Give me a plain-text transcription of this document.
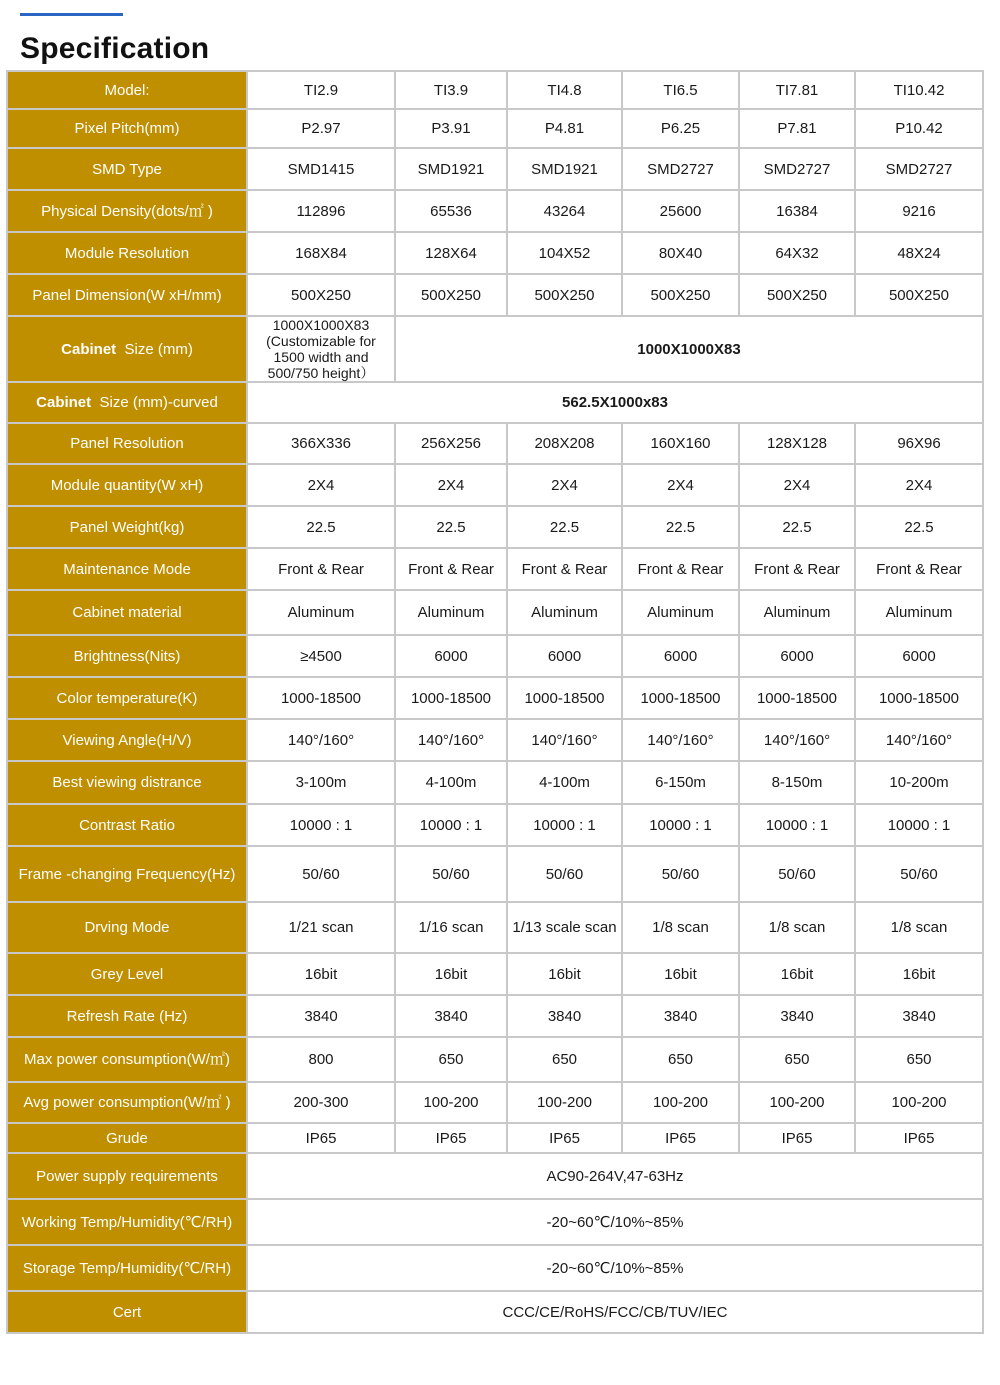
Specification
Model:	TI2.9	TI3.9	TI4.8	TI6.5	TI7.81	TI10.42
Pixel Pitch(mm)	P2.97	P3.91	P4.81	P6.25	P7.81	P10.42
SMD Type	SMD1415	SMD1921	SMD1921	SMD2727	SMD2727	SMD2727
Physical Density(dots/㎡ )	112896	65536	43264	25600	16384	9216
Module Resolution	168X84	128X64	104X52	80X40	64X32	48X24
Panel Dimension(W xH/mm)	500X250	500X250	500X250	500X250	500X250	500X250
Cabinet  Size (mm)	1000X1000X83 (Customizable for 1500 width and 500/750 height）	1000X1000X83				
Cabinet  Size (mm)-curved	562.5X1000x83					
Panel Resolution	366X336	256X256	208X208	160X160	128X128	96X96
Module quantity(W xH)	2X4	2X4	2X4	2X4	2X4	2X4
Panel Weight(kg)	22.5	22.5	22.5	22.5	22.5	22.5
Maintenance Mode	Front & Rear	Front & Rear	Front & Rear	Front & Rear	Front & Rear	Front & Rear
Cabinet material	Aluminum	Aluminum	Aluminum	Aluminum	Aluminum	Aluminum
Brightness(Nits)	≥4500	6000	6000	6000	6000	6000
Color temperature(K)	1000-18500	1000-18500	1000-18500	1000-18500	1000-18500	1000-18500
Viewing Angle(H/V)	140°/160°	140°/160°	140°/160°	140°/160°	140°/160°	140°/160°
Best viewing distrance	3-100m	4-100m	4-100m	6-150m	8-150m	10-200m
Contrast Ratio	10000 : 1	10000 : 1	10000 : 1	10000 : 1	10000 : 1	10000 : 1
Frame -changing Frequency(Hz)	50/60	50/60	50/60	50/60	50/60	50/60
Drving Mode	1/21 scan	1/16 scan	1/13 scale scan	1/8 scan	1/8 scan	1/8 scan
Grey Level	16bit	16bit	16bit	16bit	16bit	16bit
Refresh Rate (Hz)	3840	3840	3840	3840	3840	3840
Max power consumption(W/㎡)	800	650	650	650	650	650
Avg power consumption(W/㎡ )	200-300	100-200	100-200	100-200	100-200	100-200
Grude	IP65	IP65	IP65	IP65	IP65	IP65
Power supply requirements	AC90-264V,47-63Hz					
Working Temp/Humidity(℃/RH)	-20~60℃/10%~85%					
Storage Temp/Humidity(℃/RH)	-20~60℃/10%~85%					
Cert	CCC/CE/RoHS/FCC/CB/TUV/IEC					
